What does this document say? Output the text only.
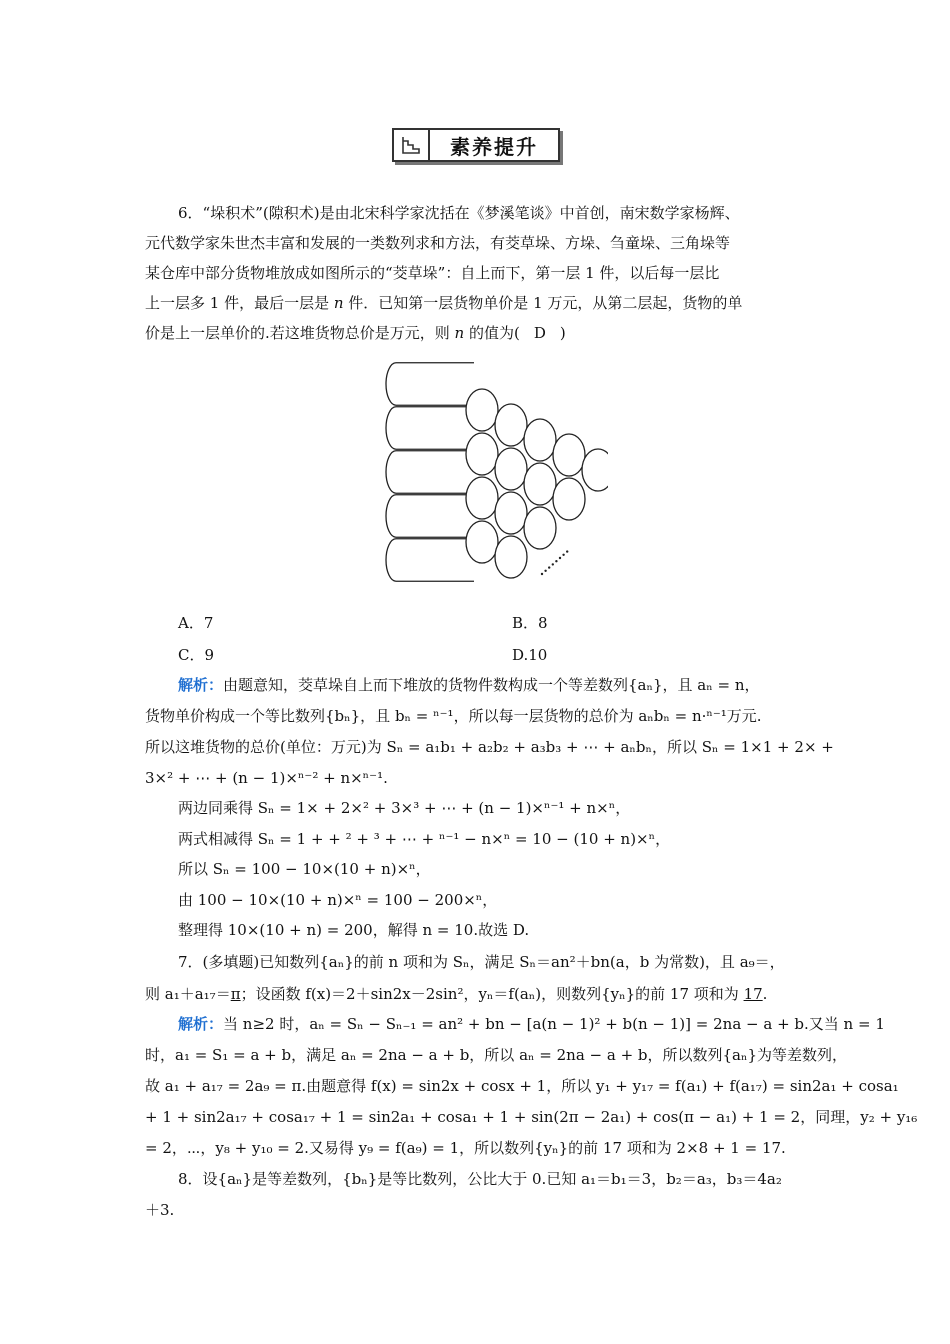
素养提升
6．“垛积术”(隙积术)是由北宋科学家沈括在《梦溪笔谈》中首创，南宋数学家杨辉、
元代数学家朱世杰丰富和发展的一类数列求和方法，有茭草垛、方垛、刍童垛、三角垛等
某仓库中部分货物堆放成如图所示的“茭草垛”：自上而下，第一层 1 件，以后每一层比
上一层多 1 件，最后一层是 n 件．已知第一层货物单价是 1 万元，从第二层起，货物的单
价是上一层单价的.若这堆货物总价是万元，则 n 的值为( D )
A．7	B．8
C．9	D.10
解析：由题意知，茭草垛自上而下堆放的货物件数构成一个等差数列{aₙ}，且 aₙ = n，
货物单价构成一个等比数列{bₙ}，且 bₙ = ⁿ⁻¹，所以每一层货物的总价为 aₙbₙ = n·ⁿ⁻¹万元.
所以这堆货物的总价(单位：万元)为 Sₙ = a₁b₁ + a₂b₂ + a₃b₃ + ⋯ + aₙbₙ，所以 Sₙ = 1×1 + 2× +
3×² + ⋯ + (n − 1)×ⁿ⁻² + n×ⁿ⁻¹.
两边同乘得 Sₙ = 1× + 2×² + 3×³ + ⋯ + (n − 1)×ⁿ⁻¹ + n×ⁿ，
两式相减得 Sₙ = 1 + + ² + ³ + ⋯ + ⁿ⁻¹ − n×ⁿ = 10 − (10 + n)×ⁿ，
所以 Sₙ = 100 − 10×(10 + n)×ⁿ，
由 100 − 10×(10 + n)×ⁿ = 100 − 200×ⁿ，
整理得 10×(10 + n) = 200，解得 n = 10.故选 D.
7．(多填题)已知数列{aₙ}的前 n 项和为 Sₙ，满足 Sₙ＝an²＋bn(a，b 为常数)，且 a₉＝，
则 a₁＋a₁₇＝π；设函数 f(x)＝2＋sin2x－2sin²，yₙ＝f(aₙ)，则数列{yₙ}的前 17 项和为 17.
解析：当 n≥2 时，aₙ = Sₙ − Sₙ₋₁ = an² + bn − [a(n − 1)² + b(n − 1)] = 2na − a + b.又当 n = 1
时，a₁ = S₁ = a + b，满足 aₙ = 2na − a + b，所以 aₙ = 2na − a + b，所以数列{aₙ}为等差数列，
故 a₁ + a₁₇ = 2a₉ = π.由题意得 f(x) = sin2x + cosx + 1，所以 y₁ + y₁₇ = f(a₁) + f(a₁₇) = sin2a₁ + cosa₁
+ 1 + sin2a₁₇ + cosa₁₇ + 1 = sin2a₁ + cosa₁ + 1 + sin(2π − 2a₁) + cos(π − a₁) + 1 = 2，同理，y₂ + y₁₆
= 2，⋯，y₈ + y₁₀ = 2.又易得 y₉ = f(a₉) = 1，所以数列{yₙ}的前 17 项和为 2×8 + 1 = 17.
8．设{aₙ}是等差数列，{bₙ}是等比数列，公比大于 0.已知 a₁＝b₁＝3，b₂＝a₃，b₃＝4a₂
＋3.
